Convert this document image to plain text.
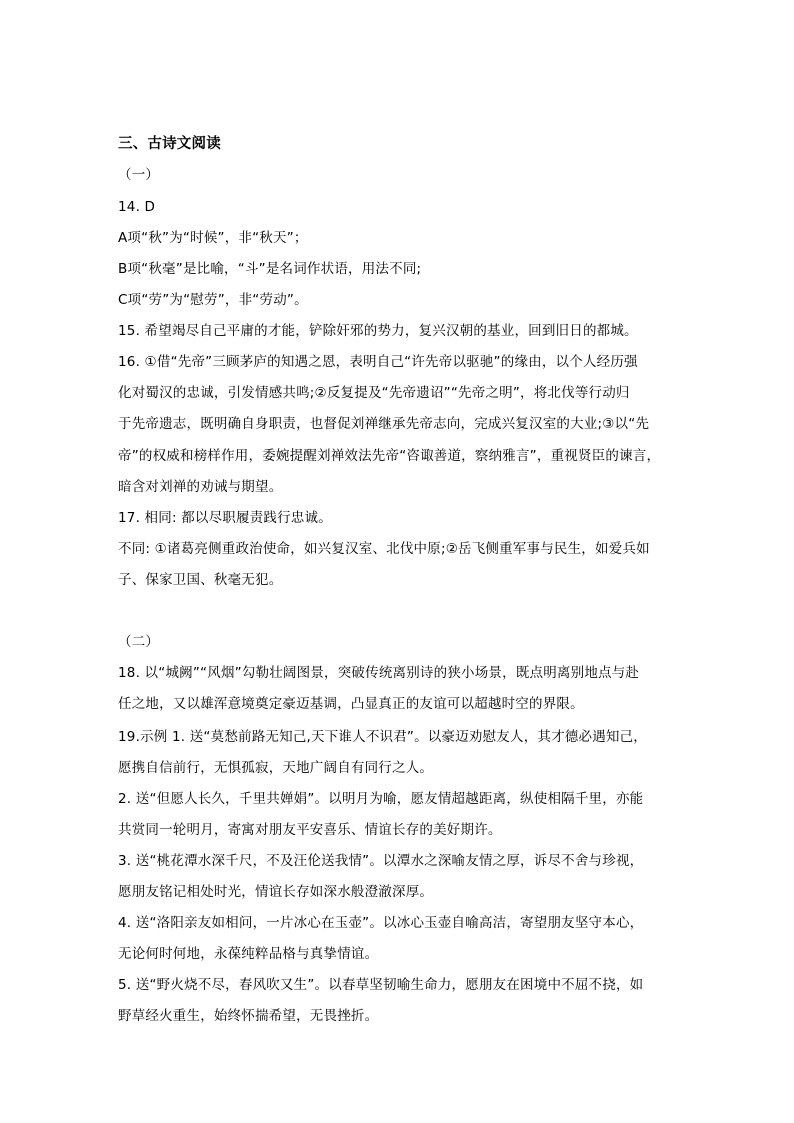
三、古诗文阅读
（一）
14. D
A项“秋”为“时候”，非“秋天”；
B项“秋毫”是比喻，“斗”是名词作状语，用法不同;
C项“劳”为“慰劳”，非“劳动”。
15. 希望竭尽自己平庸的才能，铲除奸邪的势力，复兴汉朝的基业，回到旧日的都城。
16. ①借“先帝”三顾茅庐的知遇之恩，表明自己“许先帝以驱驰”的缘由，以个人经历强
化对蜀汉的忠诚，引发情感共鸣;②反复提及“先帝遗诏”“先帝之明”，将北伐等行动归
于先帝遗志，既明确自身职责，也督促刘禅继承先帝志向，完成兴复汉室的大业;③以“先
帝”的权威和榜样作用，委婉提醒刘禅效法先帝“咨诹善道，察纳雅言”，重视贤臣的谏言，
暗含对刘禅的劝诫与期望。
17. 相同: 都以尽职履责践行忠诚。
不同: ①诸葛亮侧重政治使命，如兴复汉室、北伐中原;②岳飞侧重军事与民生，如爱兵如
子、保家卫国、秋毫无犯。
（二）
18. 以“城阙”“风烟”勾勒壮阔图景，突破传统离别诗的狭小场景，既点明离别地点与赴
任之地，又以雄浑意境奠定豪迈基调，凸显真正的友谊可以超越时空的界限。
19.示例 1. 送“莫愁前路无知己,天下谁人不识君”。以豪迈劝慰友人，其才德必遇知己，
愿携自信前行，无惧孤寂，天地广阔自有同行之人。
2. 送“但愿人长久，千里共婵娟”。以明月为喻，愿友情超越距离，纵使相隔千里，亦能
共赏同一轮明月，寄寓对朋友平安喜乐、情谊长存的美好期许。
3. 送“桃花潭水深千尺，不及汪伦送我情”。以潭水之深喻友情之厚，诉尽不舍与珍视，
愿朋友铭记相处时光，情谊长存如深水般澄澈深厚。
4. 送“洛阳亲友如相问，一片冰心在玉壶”。以冰心玉壶自喻高洁，寄望朋友坚守本心，
无论何时何地，永葆纯粹品格与真挚情谊。
5. 送“野火烧不尽，春风吹又生”。以春草坚韧喻生命力，愿朋友在困境中不屈不挠，如
野草经火重生，始终怀揣希望，无畏挫折。
